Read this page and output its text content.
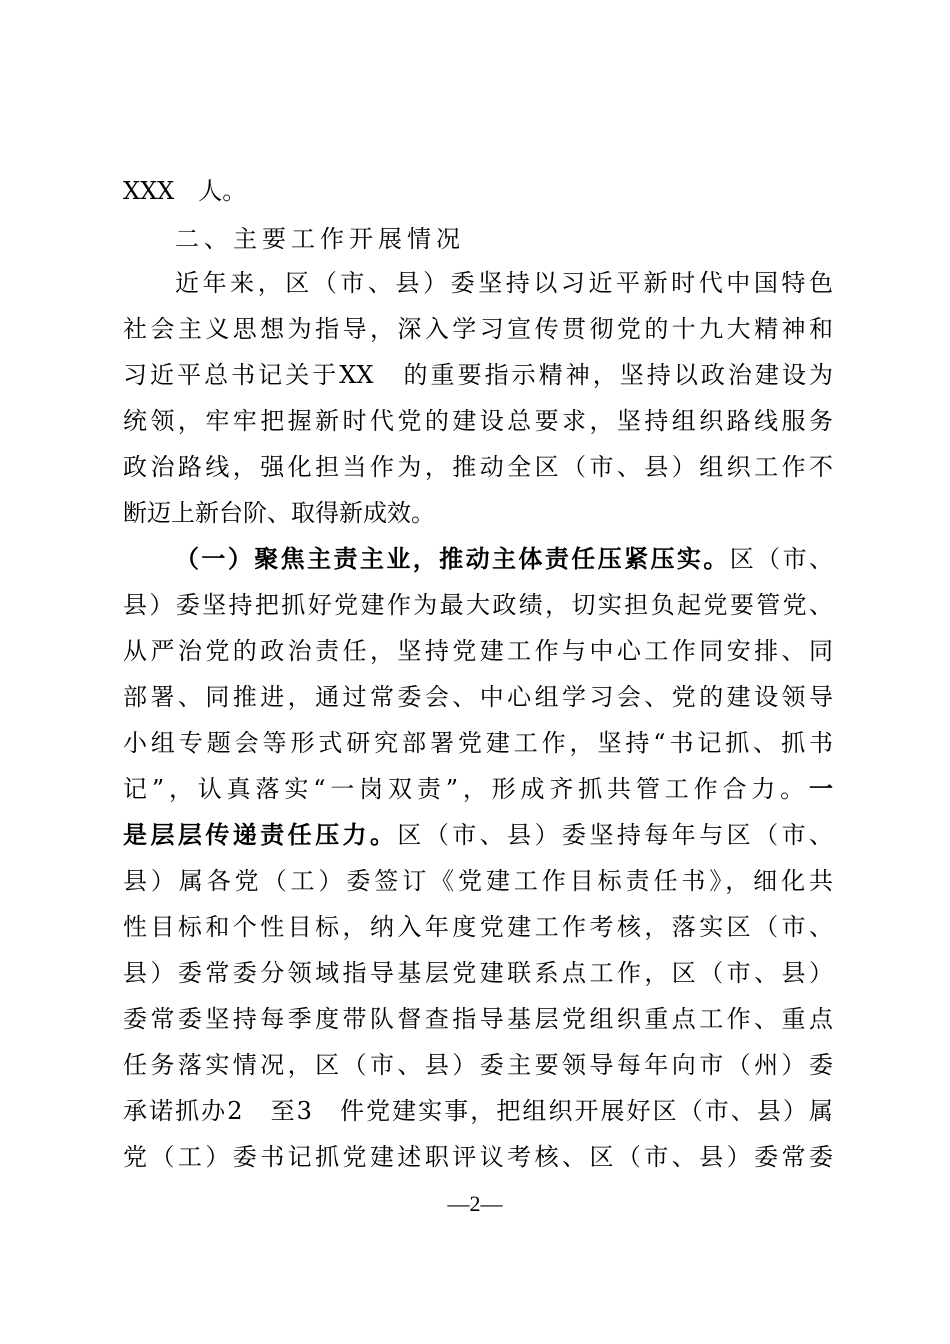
XXX　人。
二、主要工作开展情况
近年来，区（市、县）委坚持以习近平新时代中国特色
社会主义思想为指导，深入学习宣传贯彻党的十九大精神和
习近平总书记关于XX　的重要指示精神，坚持以政治建设为
统领，牢牢把握新时代党的建设总要求，坚持组织路线服务
政治路线，强化担当作为，推动全区（市、县）组织工作不
断迈上新台阶、取得新成效。
（一）聚焦主责主业，推动主体责任压紧压实。区（市、
县）委坚持把抓好党建作为最大政绩，切实担负起党要管党、
从严治党的政治责任，坚持党建工作与中心工作同安排、同
部署、同推进，通过常委会、中心组学习会、党的建设领导
小组专题会等形式研究部署党建工作，坚持“书记抓、抓书
记”，认真落实“一岗双责”，形成齐抓共管工作合力。一
是层层传递责任压力。区（市、县）委坚持每年与区（市、
县）属各党（工）委签订《党建工作目标责任书》，细化共
性目标和个性目标，纳入年度党建工作考核，落实区（市、
县）委常委分领域指导基层党建联系点工作，区（市、县）
委常委坚持每季度带队督查指导基层党组织重点工作、重点
任务落实情况，区（市、县）委主要领导每年向市（州）委
承诺抓办2　至3　件党建实事，把组织开展好区（市、县）属
党（工）委书记抓党建述职评议考核、区（市、县）委常委
—2—
